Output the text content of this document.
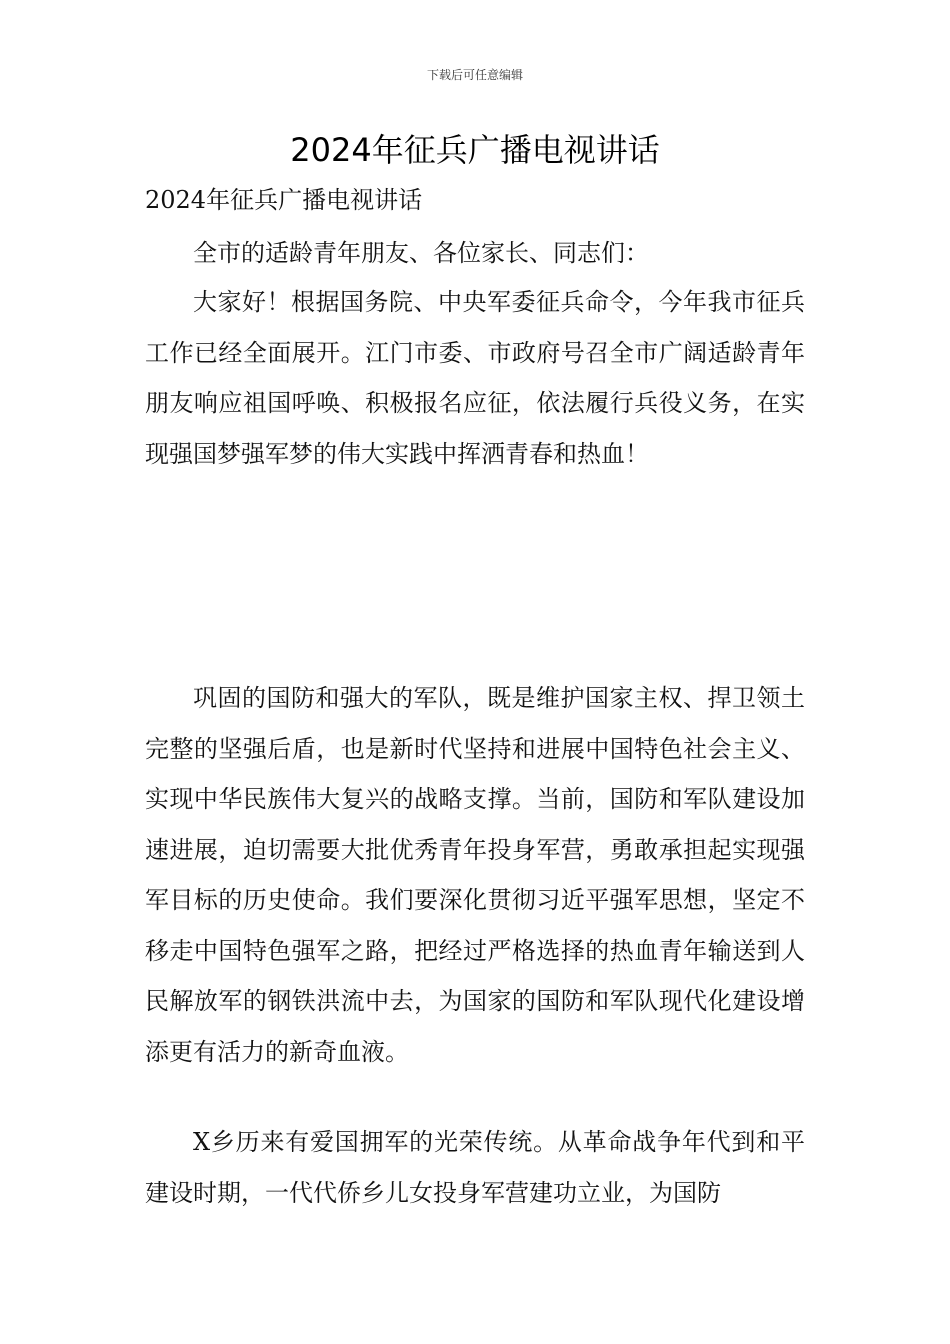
下载后可任意编辑
2024年征兵广播电视讲话
2024年征兵广播电视讲话

全市的适龄青年朋友、各位家长、同志们：

大家好！根据国务院、中央军委征兵命令，今年我市征兵工作已经全面展开。江门市委、市政府号召全市广阔适龄青年朋友响应祖国呼唤、积极报名应征，依法履行兵役义务，在实现强国梦强军梦的伟大实践中挥洒青春和热血！

巩固的国防和强大的军队，既是维护国家主权、捍卫领土完整的坚强后盾，也是新时代坚持和进展中国特色社会主义、实现中华民族伟大复兴的战略支撑。当前，国防和军队建设加速进展，迫切需要大批优秀青年投身军营，勇敢承担起实现强军目标的历史使命。我们要深化贯彻习近平强军思想，坚定不移走中国特色强军之路，把经过严格选择的热血青年输送到人民解放军的钢铁洪流中去，为国家的国防和军队现代化建设增添更有活力的新奇血液。

X乡历来有爱国拥军的光荣传统。从革命战争年代到和平建设时期，一代代侨乡儿女投身军营建功立业，为国防
